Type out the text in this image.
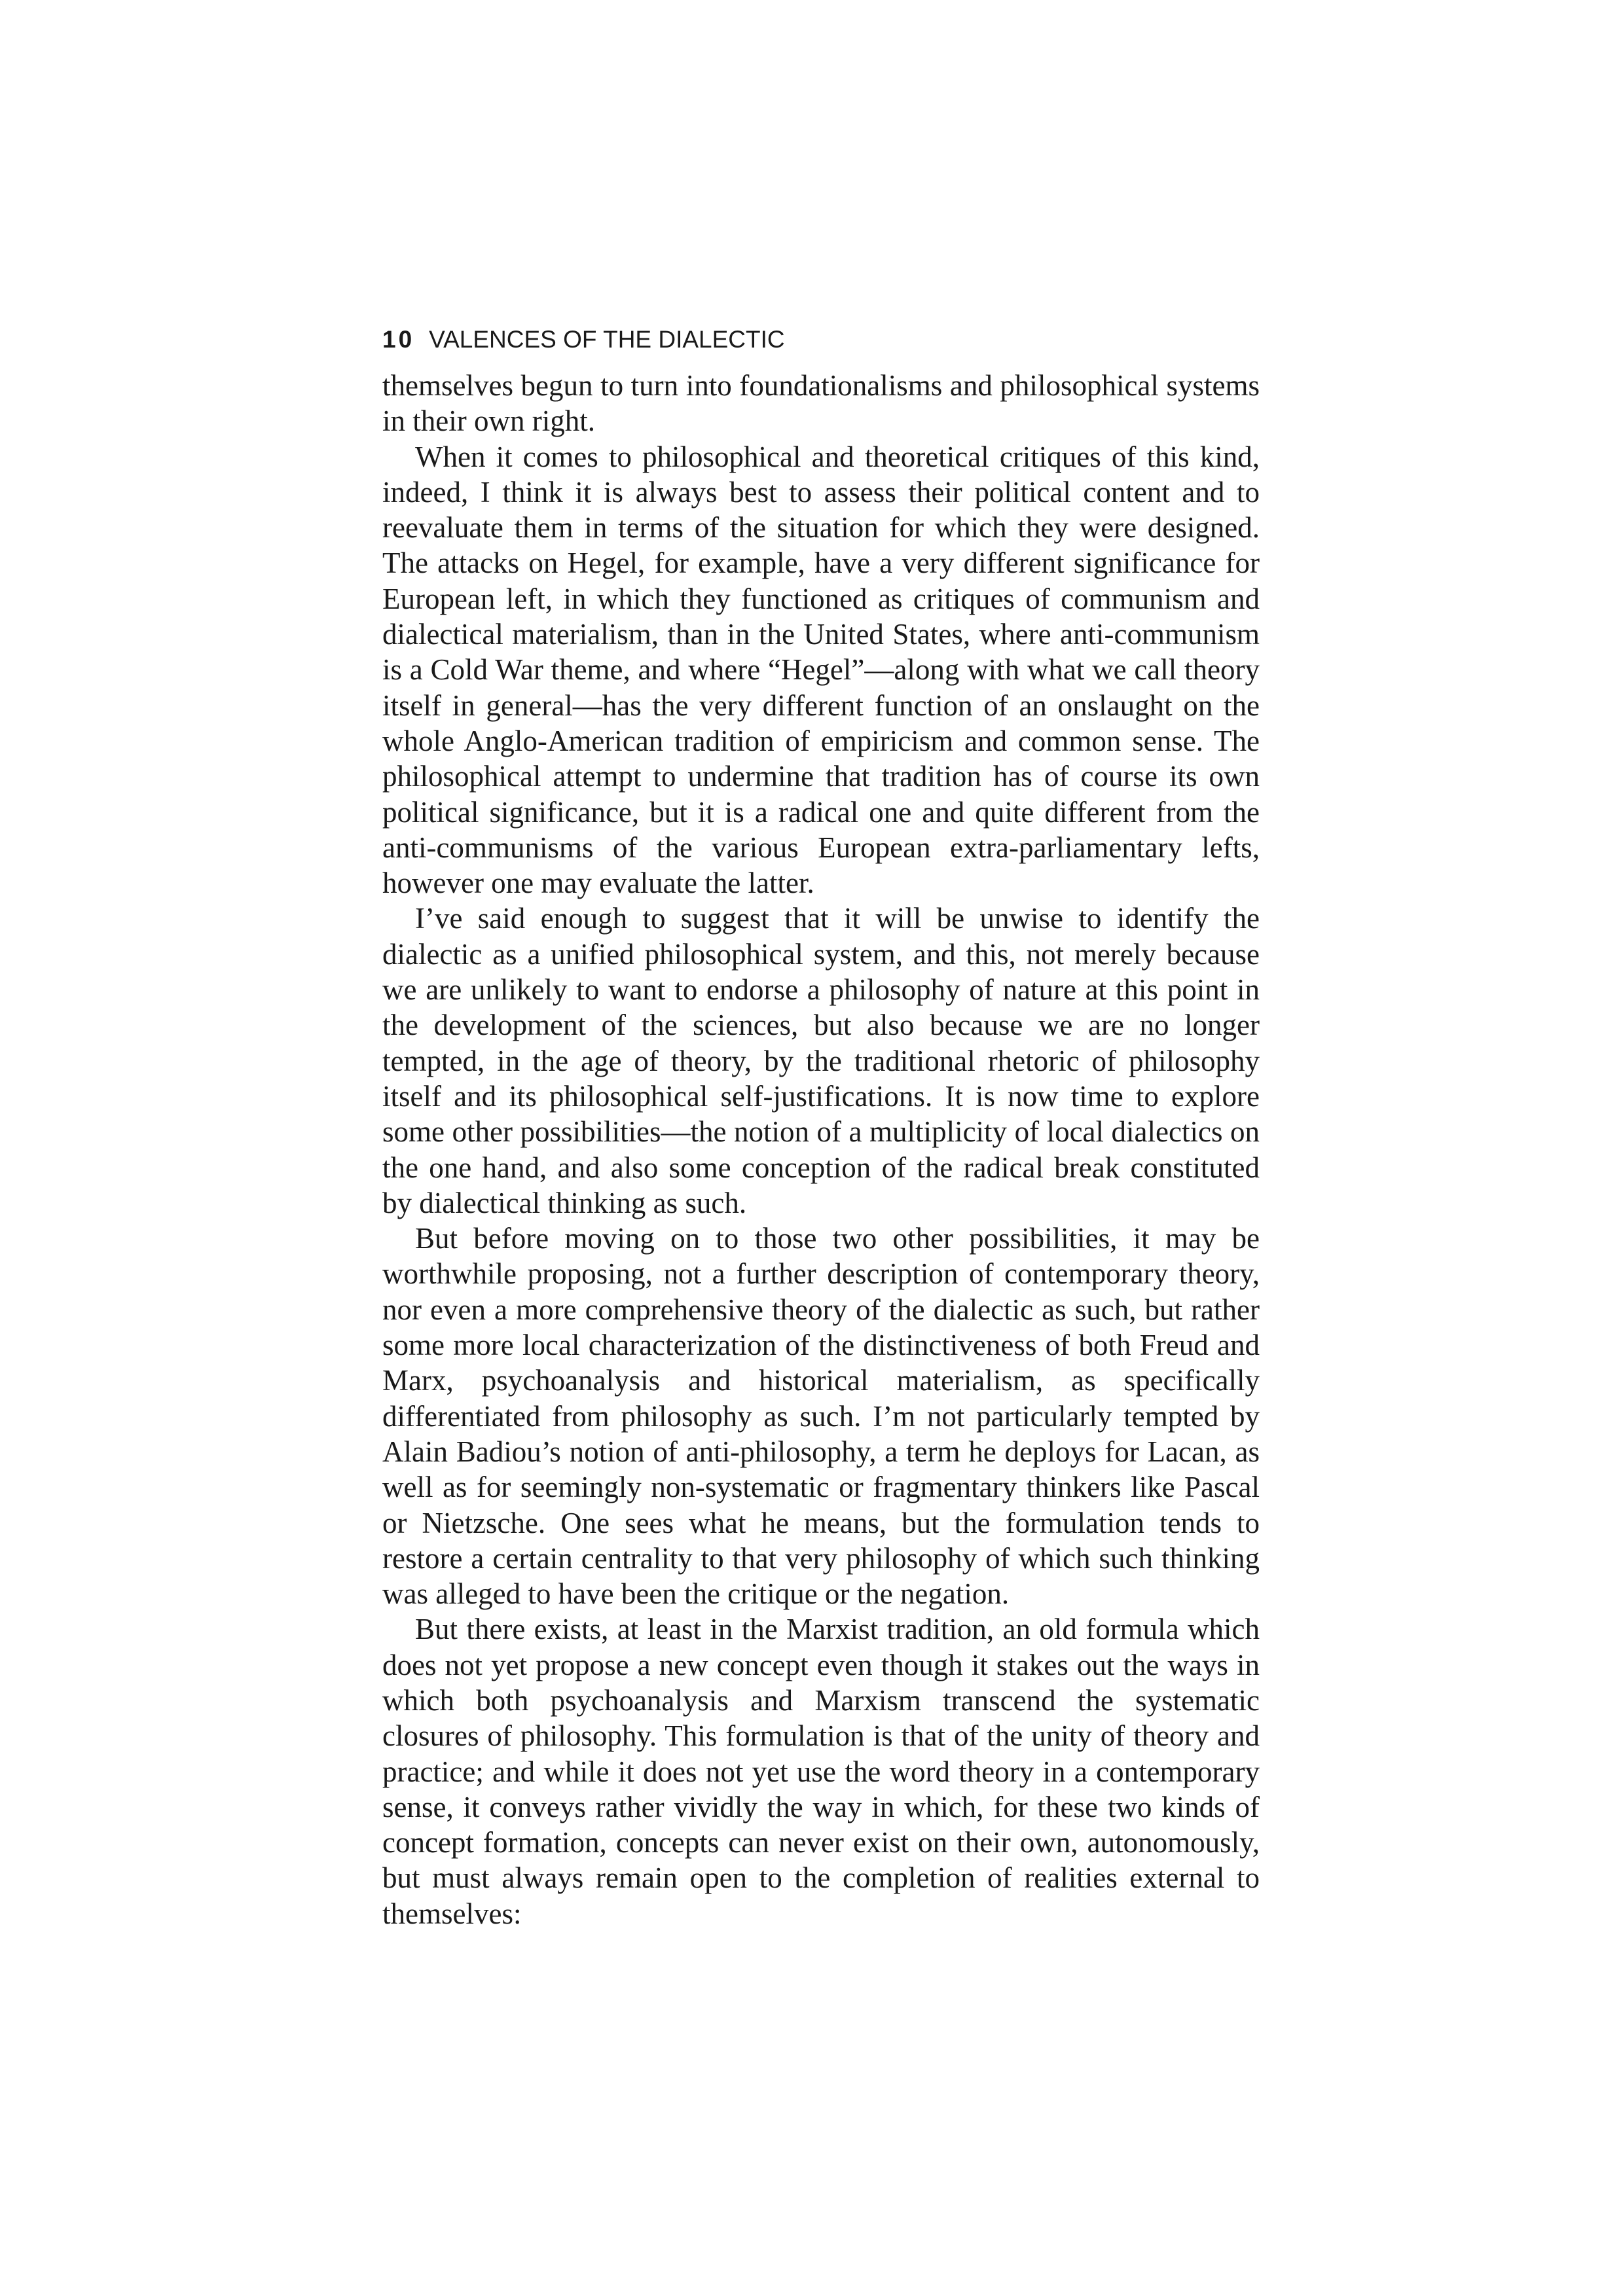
10 VALENCES OF THE DIALECTIC

themselves begun to turn into foundationalisms and philosophical systems in their own right.

When it comes to philosophical and theoretical critiques of this kind, indeed, I think it is always best to assess their political content and to reevaluate them in terms of the situation for which they were designed. The attacks on Hegel, for example, have a very different significance for European left, in which they functioned as critiques of communism and dialectical materialism, than in the United States, where anti-communism is a Cold War theme, and where “Hegel”—along with what we call theory itself in general—has the very different function of an onslaught on the whole Anglo-American tradition of empiricism and common sense. The philosophical attempt to undermine that tradition has of course its own political significance, but it is a radical one and quite different from the anti-communisms of the various European extra-parliamentary lefts, however one may evaluate the latter.

I’ve said enough to suggest that it will be unwise to identify the dialectic as a unified philosophical system, and this, not merely because we are unlikely to want to endorse a philosophy of nature at this point in the development of the sciences, but also because we are no longer tempted, in the age of theory, by the traditional rhetoric of philosophy itself and its philosophical self-justifications. It is now time to explore some other possibilities—the notion of a multiplicity of local dialectics on the one hand, and also some conception of the radical break constituted by dialectical thinking as such.

But before moving on to those two other possibilities, it may be worthwhile proposing, not a further description of contemporary theory, nor even a more comprehensive theory of the dialectic as such, but rather some more local characterization of the distinctiveness of both Freud and Marx, psychoanalysis and historical materialism, as specifically differentiated from philosophy as such. I’m not particularly tempted by Alain Badiou’s notion of anti-philosophy, a term he deploys for Lacan, as well as for seemingly non-systematic or fragmentary thinkers like Pascal or Nietzsche. One sees what he means, but the formulation tends to restore a certain centrality to that very philosophy of which such thinking was alleged to have been the critique or the negation.

But there exists, at least in the Marxist tradition, an old formula which does not yet propose a new concept even though it stakes out the ways in which both psychoanalysis and Marxism transcend the systematic closures of philosophy. This formulation is that of the unity of theory and practice; and while it does not yet use the word theory in a contemporary sense, it conveys rather vividly the way in which, for these two kinds of concept formation, concepts can never exist on their own, autonomously, but must always remain open to the completion of realities external to themselves:
